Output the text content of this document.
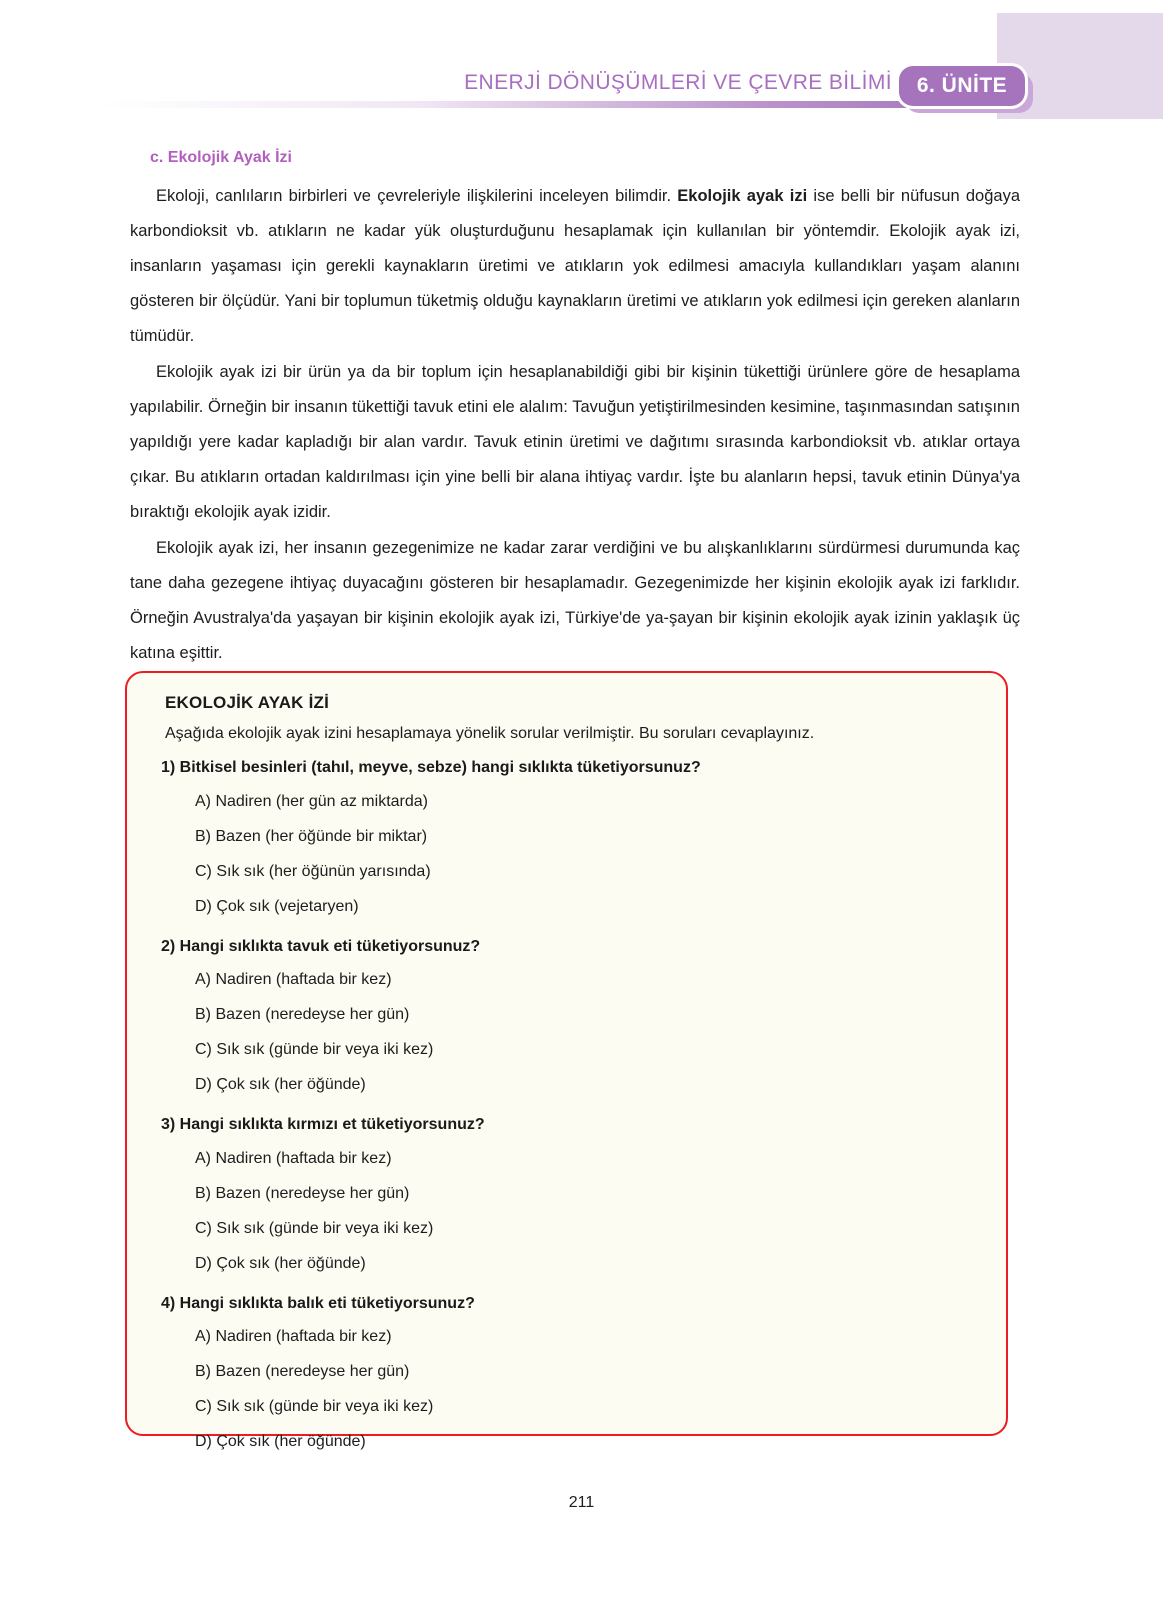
ENERJİ DÖNÜŞÜMLERİ VE ÇEVRE BİLİMİ	6. ÜNİTE
c. Ekolojik Ayak İzi

Ekoloji, canlıların birbirleri ve çevreleriyle ilişkilerini inceleyen bilimdir. Ekolojik ayak izi ise belli bir nüfusun doğaya karbondioksit vb. atıkların ne kadar yük oluşturduğunu hesaplamak için kullanılan bir yöntemdir. Ekolojik ayak izi, insanların yaşaması için gerekli kaynakların üretimi ve atıkların yok edilmesi amacıyla kullandıkları yaşam alanını gösteren bir ölçüdür. Yani bir toplumun tüketmiş olduğu kaynakların üretimi ve atıkların yok edilmesi için gereken alanların tümüdür.

Ekolojik ayak izi bir ürün ya da bir toplum için hesaplanabildiği gibi bir kişinin tükettiği ürünlere göre de hesaplama yapılabilir. Örneğin bir insanın tükettiği tavuk etini ele alalım: Tavuğun yetiştirilmesinden kesimine, taşınmasından satışının yapıldığı yere kadar kapladığı bir alan vardır. Tavuk etinin üretimi ve dağıtımı sırasında karbondioksit vb. atıklar ortaya çıkar. Bu atıkların ortadan kaldırılması için yine belli bir alana ihtiyaç vardır. İşte bu alanların hepsi, tavuk etinin Dünya'ya bıraktığı ekolojik ayak izidir.

Ekolojik ayak izi, her insanın gezegenimize ne kadar zarar verdiğini ve bu alışkanlıklarını sürdürmesi durumunda kaç tane daha gezegene ihtiyaç duyacağını gösteren bir hesaplamadır. Gezegenimizde her kişinin ekolojik ayak izi farklıdır. Örneğin Avustralya'da yaşayan bir kişinin ekolojik ayak izi, Türkiye'de ya-şayan bir kişinin ekolojik ayak izinin yaklaşık üç katına eşittir.

EKOLOJİK AYAK İZİ
Aşağıda ekolojik ayak izini hesaplamaya yönelik sorular verilmiştir. Bu soruları cevaplayınız.
1) Bitkisel besinleri (tahıl, meyve, sebze) hangi sıklıkta tüketiyorsunuz?
A) Nadiren (her gün az miktarda)
B) Bazen (her öğünde bir miktar)
C) Sık sık (her öğünün yarısında)
D) Çok sık (vejetaryen)
2) Hangi sıklıkta tavuk eti tüketiyorsunuz?
A) Nadiren (haftada bir kez)
B) Bazen (neredeyse her gün)
C) Sık sık (günde bir veya iki kez)
D) Çok sık (her öğünde)
3) Hangi sıklıkta kırmızı et tüketiyorsunuz?
A) Nadiren (haftada bir kez)
B) Bazen (neredeyse her gün)
C) Sık sık (günde bir veya iki kez)
D) Çok sık (her öğünde)
4) Hangi sıklıkta balık eti tüketiyorsunuz?
A) Nadiren (haftada bir kez)
B) Bazen (neredeyse her gün)
C) Sık sık (günde bir veya iki kez)
D) Çok sık (her öğünde)
211
